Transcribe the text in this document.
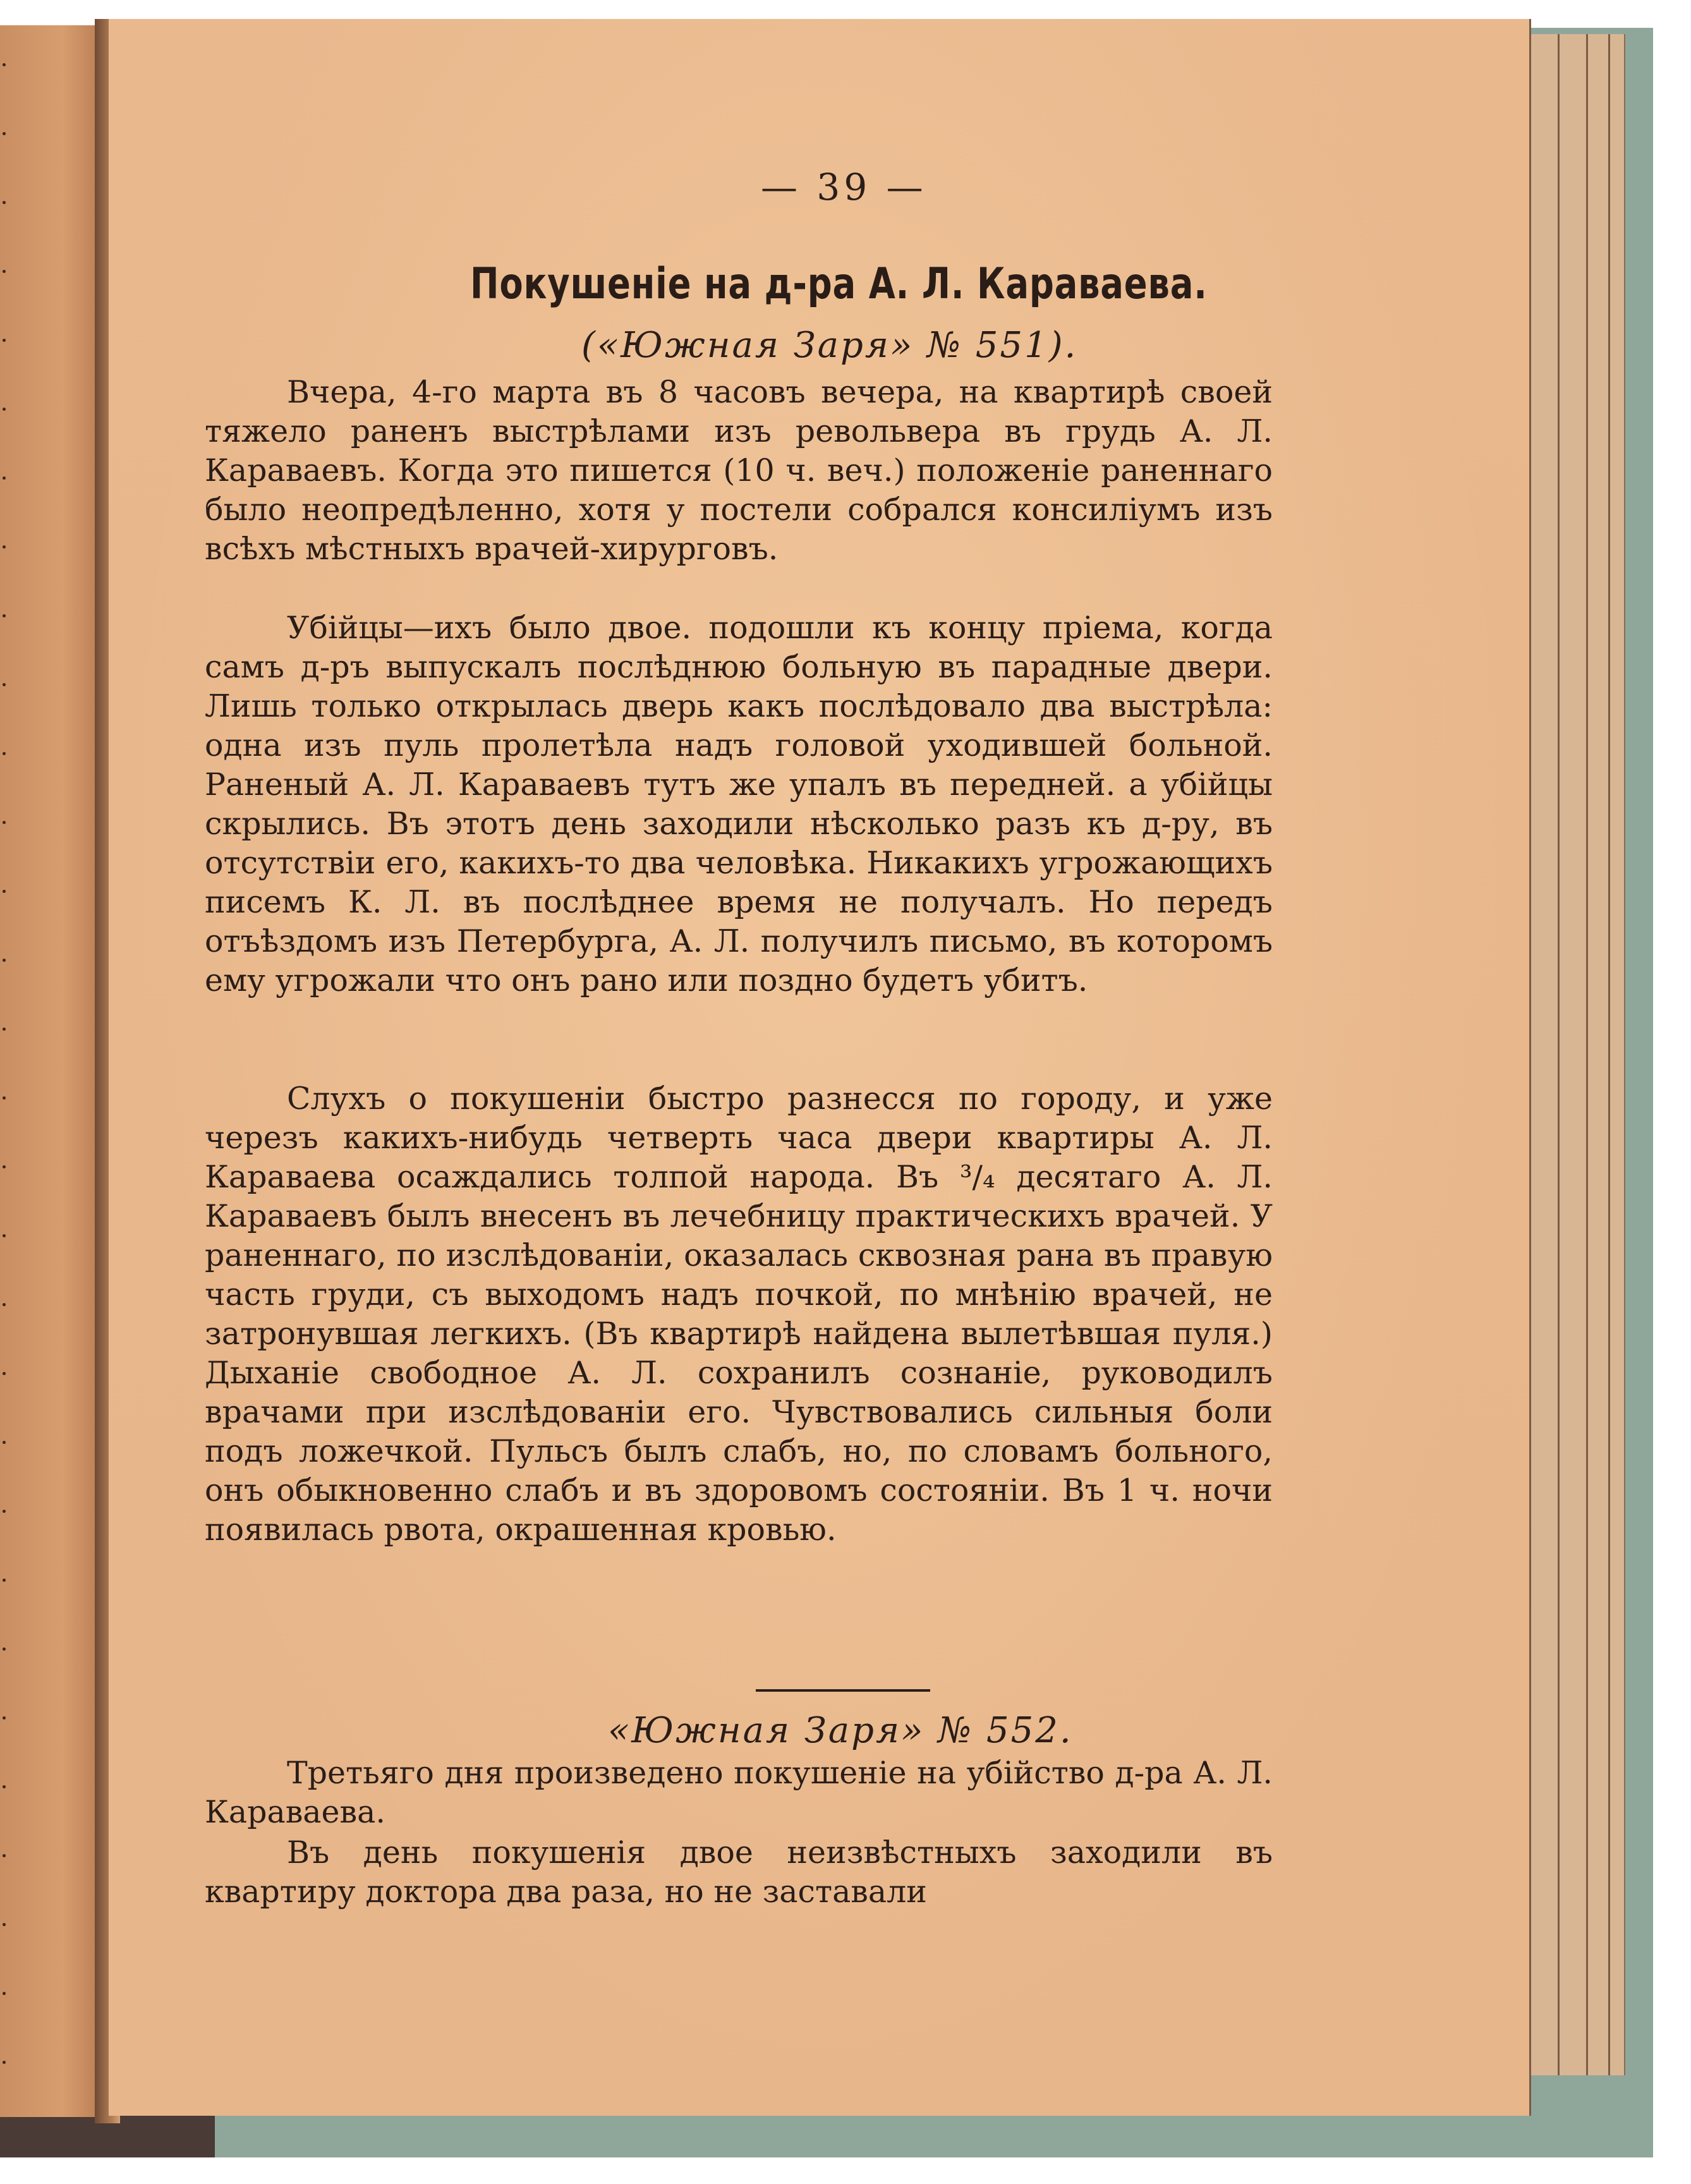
— 39 —
Покушеніе на д-ра А. Л. Караваева.
(«Южная Заря» № 551).

Вчера, 4-го марта въ 8 часовъ вечера, на квартирѣ своей тяжело раненъ выстрѣлами изъ револьвера въ грудь А. Л. Караваевъ. Когда это пишется (10 ч. веч.) положеніе раненнаго было неопредѣленно, хотя у постели собрался консиліумъ изъ всѣхъ мѣстныхъ врачей-хирурговъ.

Убійцы—ихъ было двое. подошли къ концу пріема, когда самъ д-ръ выпускалъ послѣднюю больную въ парадные двери. Лишь только открылась дверь какъ послѣдовало два выстрѣла: одна изъ пуль пролетѣла надъ головой уходившей больной. Раненый А. Л. Караваевъ тутъ же упалъ въ передней. а убійцы скрылись. Въ этотъ день заходили нѣсколько разъ къ д-ру, въ отсутствіи его, какихъ-то два человѣка. Никакихъ угрожающихъ писемъ К. Л. въ послѣднее время не получалъ. Но передъ отъѣздомъ изъ Петербурга, А. Л. получилъ письмо, въ которомъ ему угрожали что онъ рано или поздно будетъ убитъ.

Слухъ о покушеніи быстро разнесся по городу, и уже черезъ какихъ-нибудь четверть часа двери квартиры А. Л. Караваева осаждались толпой народа. Въ ³/₄ десятаго А. Л. Караваевъ былъ внесенъ въ лечебницу практическихъ врачей. У раненнаго, по изслѣдованіи, оказалась сквозная рана въ правую часть груди, съ выходомъ надъ почкой, по мнѣнію врачей, не затронувшая легкихъ. (Въ квартирѣ найдена вылетѣвшая пуля.) Дыханіе свободное А. Л. сохранилъ сознаніе, руководилъ врачами при изслѣдованіи его. Чувствовались сильныя боли подъ ложечкой. Пульсъ былъ слабъ, но, по словамъ больного, онъ обыкновенно слабъ и въ здоровомъ состояніи. Въ 1 ч. ночи появилась рвота, окрашенная кровью.

«Южная Заря» № 552.

Третьяго дня произведено покушеніе на убійство д-ра А. Л. Караваева.

Въ день покушенія двое неизвѣстныхъ заходили въ квартиру доктора два раза, но не заставали
